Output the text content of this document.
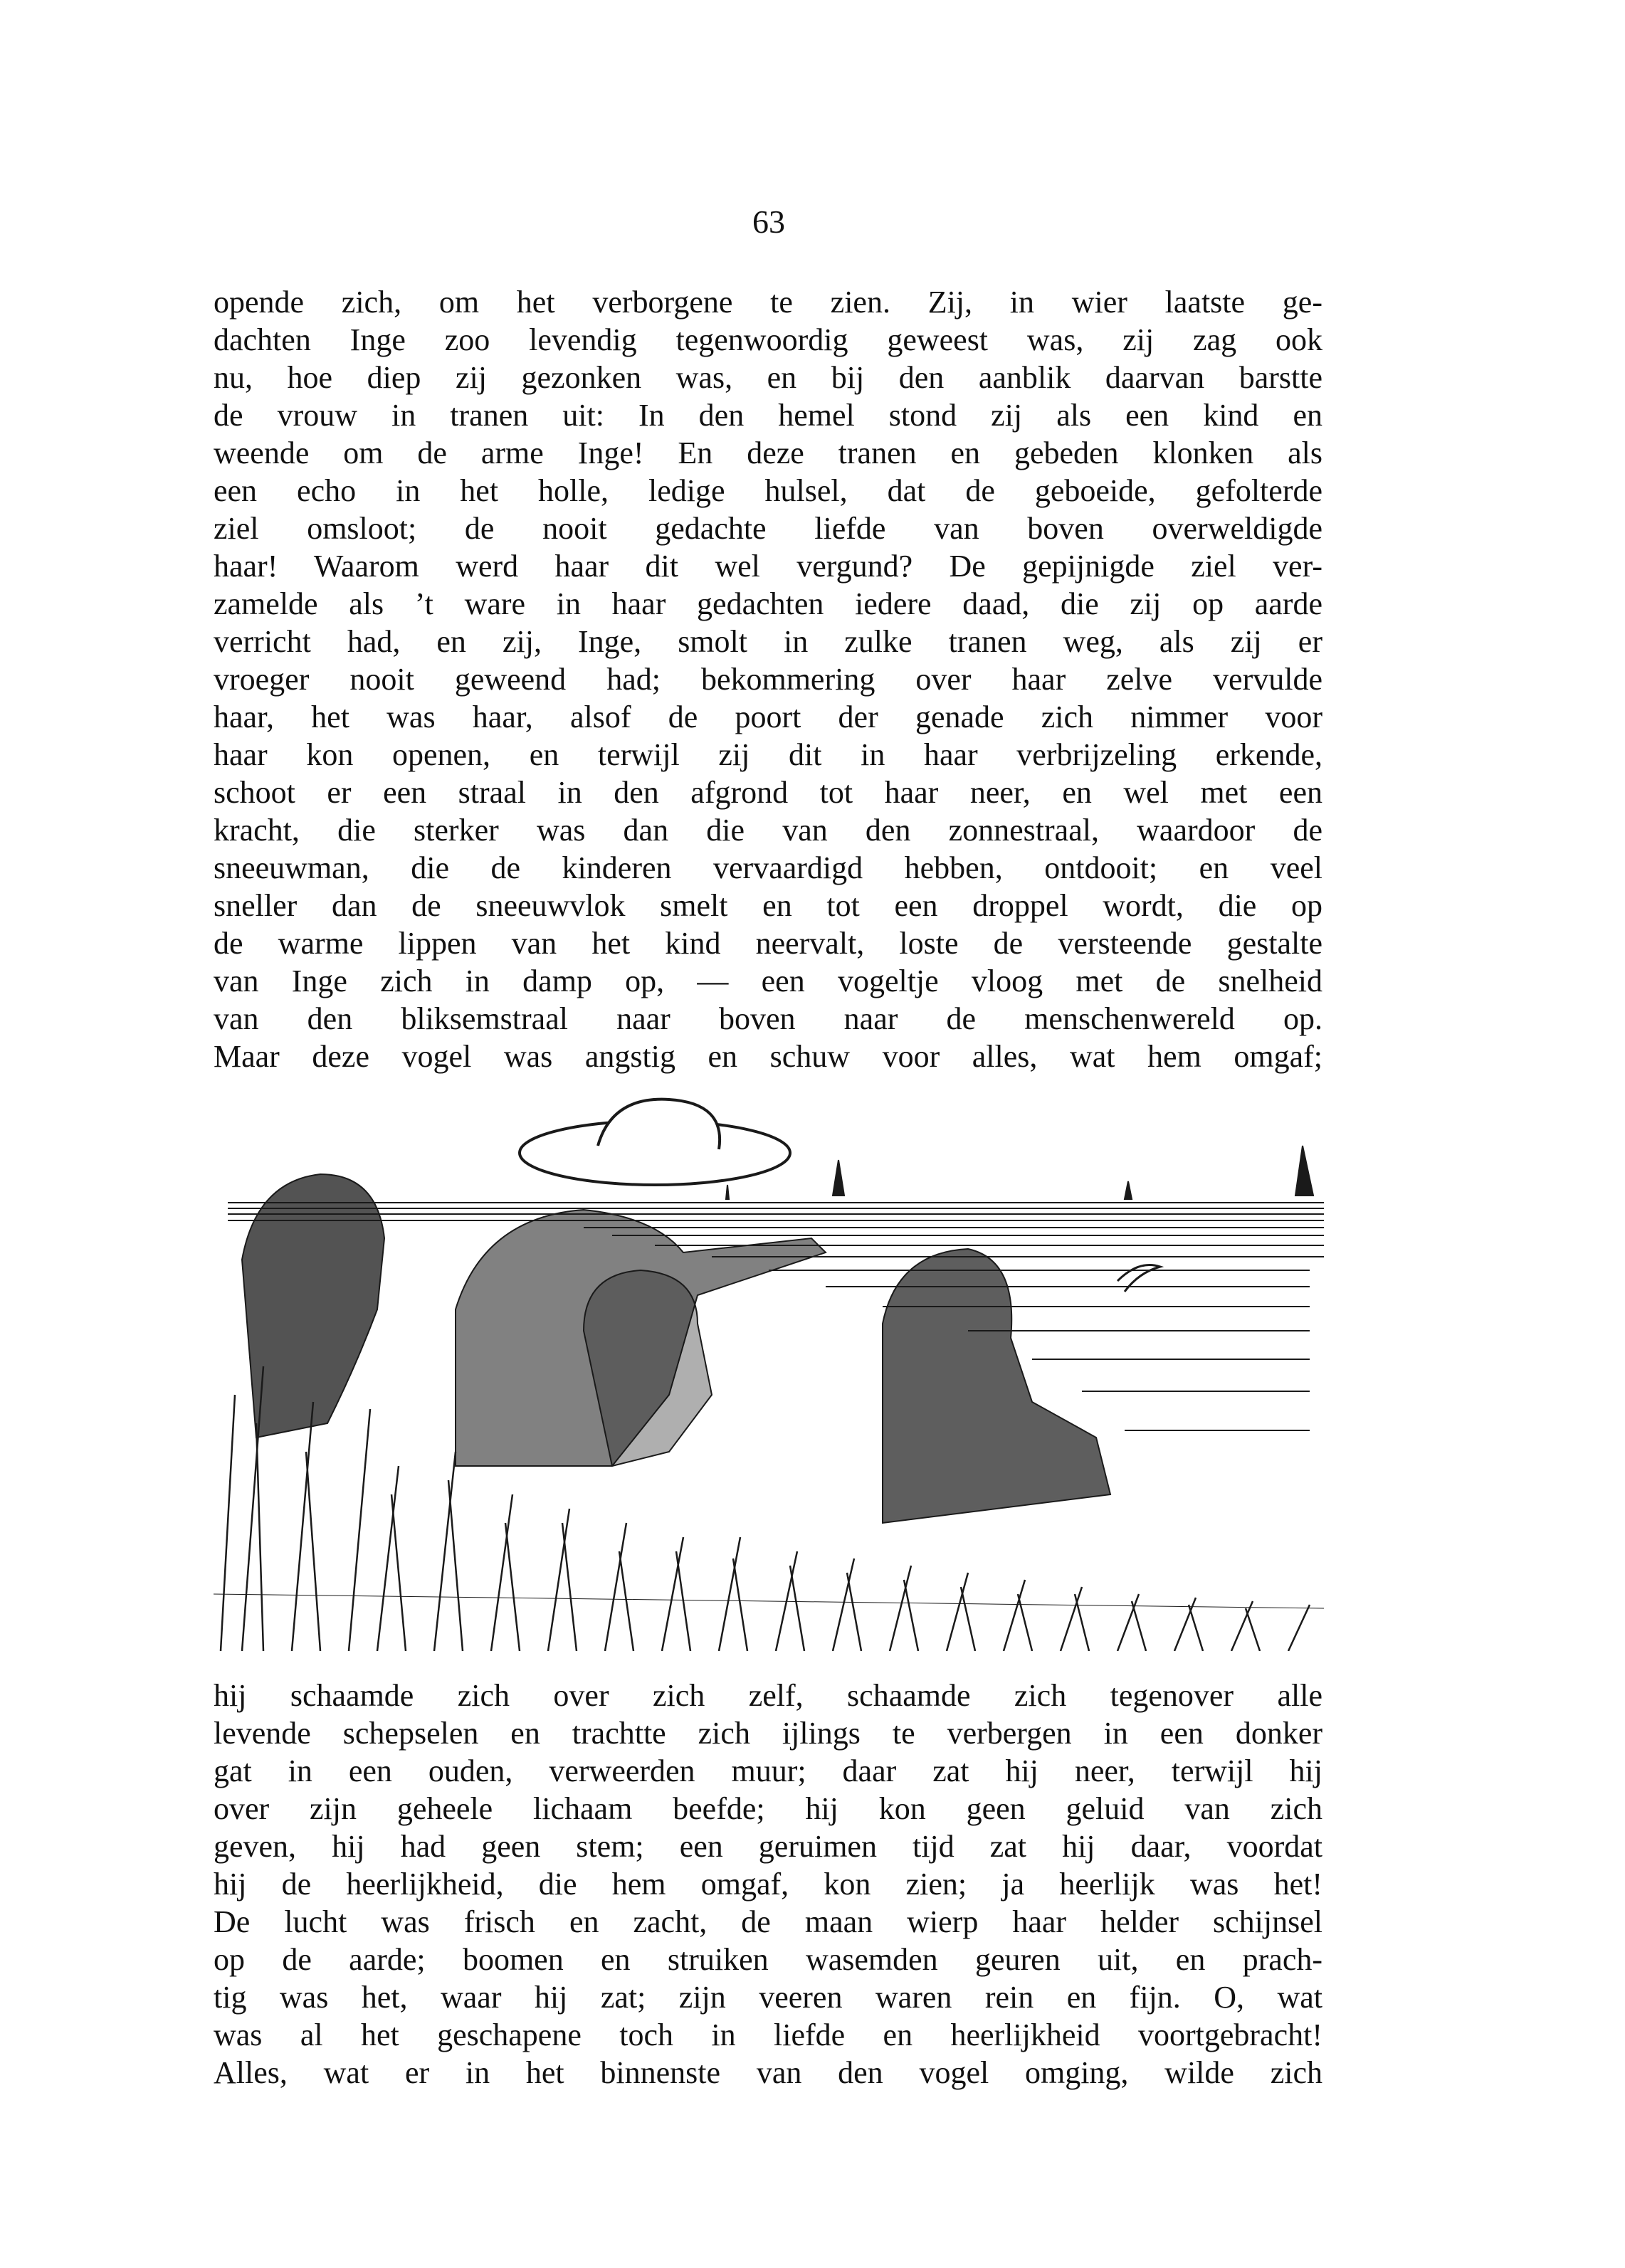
63
opende zich, om het verborgene te zien. Zij, in wier laatste ge-
dachten Inge zoo levendig tegenwoordig geweest was, zij zag ook
nu, hoe diep zij gezonken was, en bij den aanblik daarvan barstte
de vrouw in tranen uit: In den hemel stond zij als een kind en
weende om de arme Inge! En deze tranen en gebeden klonken als
een echo in het holle, ledige hulsel, dat de geboeide, gefolterde
ziel omsloot; de nooit gedachte liefde van boven overweldigde
haar! Waarom werd haar dit wel vergund? De gepijnigde ziel ver-
zamelde als ’t ware in haar gedachten iedere daad, die zij op aarde
verricht had, en zij, Inge, smolt in zulke tranen weg, als zij er
vroeger nooit geweend had; bekommering over haar zelve vervulde
haar, het was haar, alsof de poort der genade zich nimmer voor
haar kon openen, en terwijl zij dit in haar verbrijzeling erkende,
schoot er een straal in den afgrond tot haar neer, en wel met een
kracht, die sterker was dan die van den zonnestraal, waardoor de
sneeuwman, die de kinderen vervaardigd hebben, ontdooit; en veel
sneller dan de sneeuwvlok smelt en tot een droppel wordt, die op
de warme lippen van het kind neervalt, loste de versteende gestalte
van Inge zich in damp op, — een vogeltje vloog met de snelheid
van den bliksemstraal naar boven naar de menschenwereld op.
Maar deze vogel was angstig en schuw voor alles, wat hem omgaf;
hij schaamde zich over zich zelf, schaamde zich tegenover alle
levende schepselen en trachtte zich ijlings te verbergen in een donker
gat in een ouden, verweerden muur; daar zat hij neer, terwijl hij
over zijn geheele lichaam beefde; hij kon geen geluid van zich
geven, hij had geen stem; een geruimen tijd zat hij daar, voordat
hij de heerlijkheid, die hem omgaf, kon zien; ja heerlijk was het!
De lucht was frisch en zacht, de maan wierp haar helder schijnsel
op de aarde; boomen en struiken wasemden geuren uit, en prach-
tig was het, waar hij zat; zijn veeren waren rein en fijn. O, wat
was al het geschapene toch in liefde en heerlijkheid voortgebracht!
Alles, wat er in het binnenste van den vogel omging, wilde zich
